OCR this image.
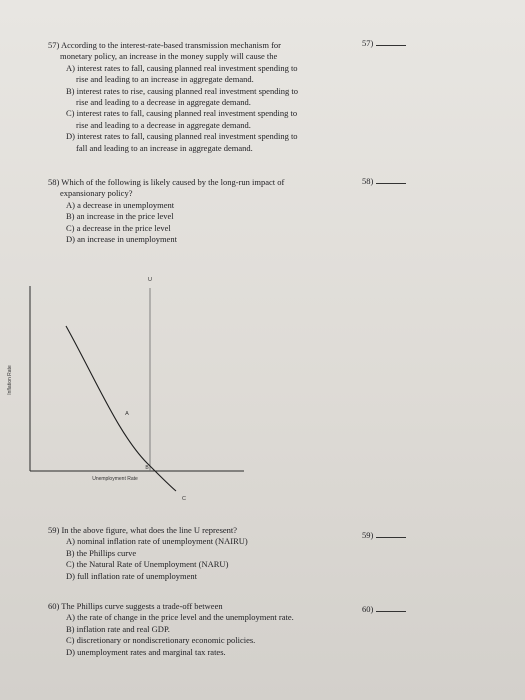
57) According to the interest-rate-based transmission mechanism for
monetary policy, an increase in the money supply will cause the
A) interest rates to fall, causing planned real investment spending to
rise and leading to an increase in aggregate demand.
B) interest rates to rise, causing planned real investment spending to
rise and leading to a decrease in aggregate demand.
C) interest rates to fall, causing planned real investment spending to
rise and leading to a decrease in aggregate demand.
D) interest rates to fall, causing planned real investment spending to
fall and leading to an increase in aggregate demand.
57)
58) Which of the following is likely caused by the long-run impact of
expansionary policy?
A) a decrease in unemployment
B) an increase in the price level
C) a decrease in the price level
D) an increase in unemployment
58)
Inflation Rate
U
A
B
C
Unemployment Rate
59) In the above figure, what does the line U represent?
A) nominal inflation rate of unemployment (NAIRU)
B) the Phillips curve
C) the Natural Rate of Unemployment (NARU)
D) full inflation rate of unemployment
59)
60) The Phillips curve suggests a trade-off between
A) the rate of change in the price level and the unemployment rate.
B) inflation rate and real GDP.
C) discretionary or nondiscretionary economic policies.
D) unemployment rates and marginal tax rates.
60)
